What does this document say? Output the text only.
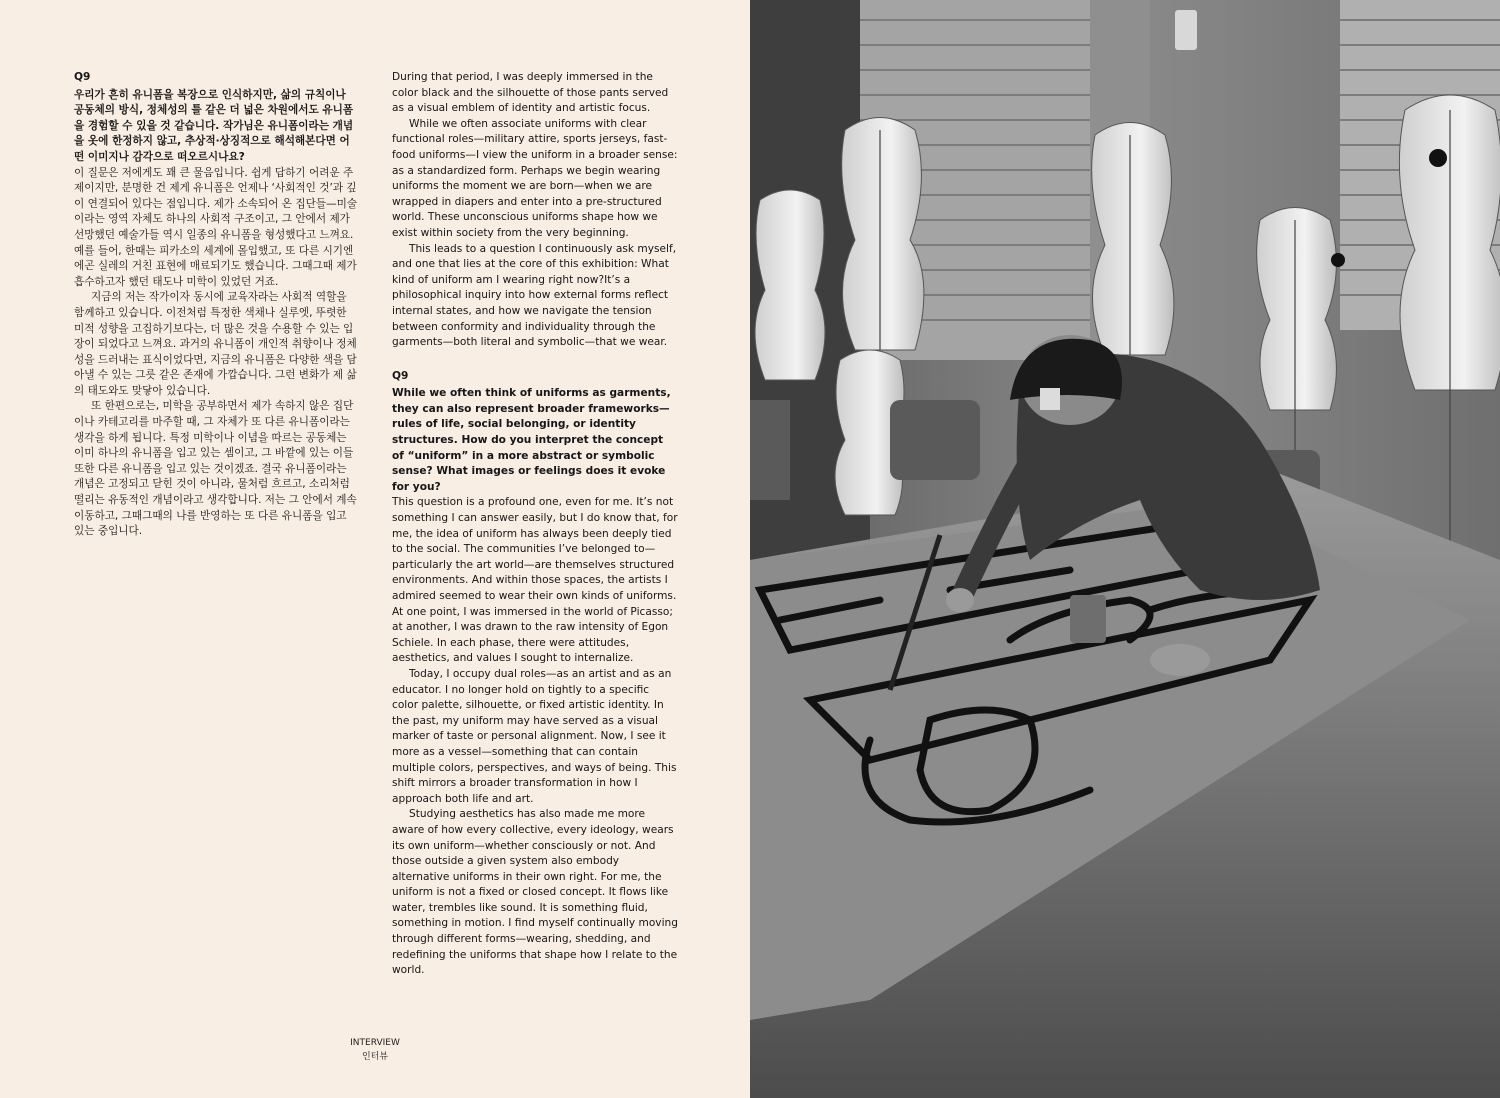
Q9
우리가 흔히 유니폼을 복장으로 인식하지만, 삶의 규칙이나 공동체의 방식, 정체성의 틀 같은 더 넓은 차원에서도 유니폼을 경험할 수 있을 것 같습니다. 작가님은 유니폼이라는 개념을 옷에 한정하지 않고, 추상적·상징적으로 해석해본다면 어떤 이미지나 감각으로 떠오르시나요?

이 질문은 저에게도 꽤 큰 물음입니다. 쉽게 답하기 어려운 주제이지만, 분명한 건 제게 유니폼은 언제나 ‘사회적인 것’과 깊이 연결되어 있다는 점입니다. 제가 소속되어 온 집단들—미술이라는 영역 자체도 하나의 사회적 구조이고, 그 안에서 제가 선망했던 예술가들 역시 일종의 유니폼을 형성했다고 느껴요. 예를 들어, 한때는 피카소의 세계에 몰입했고, 또 다른 시기엔 에곤 실레의 거친 표현에 매료되기도 했습니다. 그때그때 제가 흡수하고자 했던 태도나 미학이 있었던 거죠.

지금의 저는 작가이자 동시에 교육자라는 사회적 역할을 함께하고 있습니다. 이전처럼 특정한 색채나 실루엣, 뚜렷한 미적 성향을 고집하기보다는, 더 많은 것을 수용할 수 있는 입장이 되었다고 느껴요. 과거의 유니폼이 개인적 취향이나 정체성을 드러내는 표식이었다면, 지금의 유니폼은 다양한 색을 담아낼 수 있는 그릇 같은 존재에 가깝습니다. 그런 변화가 제 삶의 태도와도 맞닿아 있습니다.

또 한편으로는, 미학을 공부하면서 제가 속하지 않은 집단이나 카테고리를 마주할 때, 그 자체가 또 다른 유니폼이라는 생각을 하게 됩니다. 특정 미학이나 이념을 따르는 공동체는 이미 하나의 유니폼을 입고 있는 셈이고, 그 바깥에 있는 이들 또한 다른 유니폼을 입고 있는 것이겠죠. 결국 유니폼이라는 개념은 고정되고 닫힌 것이 아니라, 물처럼 흐르고, 소리처럼 떨리는 유동적인 개념이라고 생각합니다. 저는 그 안에서 계속 이동하고, 그때그때의 나를 반영하는 또 다른 유니폼을 입고 있는 중입니다.

During that period, I was deeply immersed in the color black and the silhouette of those pants served as a visual emblem of identity and artistic focus.

While we often associate uniforms with clear functional roles—military attire, sports jerseys, fast-food uniforms—I view the uniform in a broader sense: as a standardized form. Perhaps we begin wearing uniforms the moment we are born—when we are wrapped in diapers and enter into a pre-structured world. These unconscious uniforms shape how we exist within society from the very beginning.

This leads to a question I continuously ask myself, and one that lies at the core of this exhibition: What kind of uniform am I wearing right now?It’s a philosophical inquiry into how external forms reflect internal states, and how we navigate the tension between conformity and individuality through the garments—both literal and symbolic—that we wear.

Q9
While we often think of uniforms as garments, they can also represent broader frameworks—rules of life, social belonging, or identity structures. How do you interpret the concept of “uniform” in a more abstract or symbolic sense? What images or feelings does it evoke for you?

This question is a profound one, even for me. It’s not something I can answer easily, but I do know that, for me, the idea of uniform has always been deeply tied to the social. The communities I’ve belonged to—particularly the art world—are themselves structured environments. And within those spaces, the artists I admired seemed to wear their own kinds of uniforms. At one point, I was immersed in the world of Picasso; at another, I was drawn to the raw intensity of Egon Schiele. In each phase, there were attitudes, aesthetics, and values I sought to internalize.

Today, I occupy dual roles—as an artist and as an educator. I no longer hold on tightly to a specific color palette, silhouette, or fixed artistic identity. In the past, my uniform may have served as a visual marker of taste or personal alignment. Now, I see it more as a vessel—something that can contain multiple colors, perspectives, and ways of being. This shift mirrors a broader transformation in how I approach both life and art.

Studying aesthetics has also made me more aware of how every collective, every ideology, wears its own uniform—whether consciously or not. And those outside a given system also embody alternative uniforms in their own right. For me, the uniform is not a fixed or closed concept. It flows like water, trembles like sound. It is something fluid, something in motion. I find myself continually moving through different forms—wearing, shedding, and redefining the uniforms that shape how I relate to the world.

INTERVIEW
인터뷰
